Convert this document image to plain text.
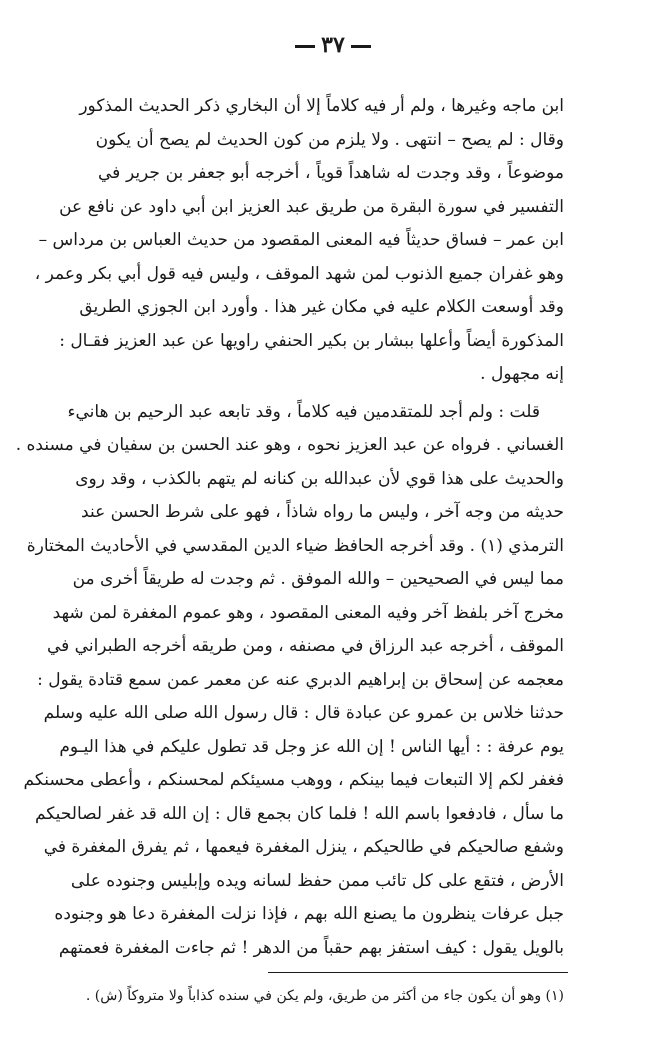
٣٧
ابن ماجه وغيرها ، ولم أر فيه كلاماً إلا أن البخاري ذكر الحديث المذكور
وقال : لم يصح – انتهى . ولا يلزم من كون الحديث لم يصح أن يكون
موضوعاً ، وقد وجدت له شاهداً قوياً ، أخرجه أبو جعفر بن جرير في
التفسير في سورة البقرة من طريق عبد العزيز ابن أبي داود عن نافع عن
ابن عمر – فساق حديثاً فيه المعنى المقصود من حديث العباس بن مرداس –
وهو غفران جميع الذنوب لمن شهد الموقف ، وليس فيه قول أبي بكر وعمر ،
وقد أوسعت الكلام عليه في مكان غير هذا . وأورد ابن الجوزي الطريق
المذكورة أيضاً وأعلها ببشار بن بكير الحنفي راويها عن عبد العزيز فقـال :
إنه مجهول .
قلت : ولم أجد للمتقدمين فيه كلاماً ، وقد تابعه عبد الرحيم بن هانيء
الغساني . فرواه عن عبد العزيز نحوه ، وهو عند الحسن بن سفيان في مسنده .
والحديث على هذا قوي لأن عبدالله بن كنانه لم يتهم بالكذب ، وقد روى
حديثه من وجه آخر ، وليس ما رواه شاذاً ، فهو على شرط الحسن عند
الترمذي (١) . وقد أخرجه الحافظ ضياء الدين المقدسي في الأحاديث المختارة
مما ليس في الصحيحين – والله الموفق . ثم وجدت له طريقاً أخرى من
مخرج آخر بلفظ آخر وفيه المعنى المقصود ، وهو عموم المغفرة لمن شهد
الموقف ، أخرجه عبد الرزاق في مصنفه ، ومن طريقه أخرجه الطبراني في
معجمه عن إسحاق بن إبراهيم الدبري عنه عن معمر عمن سمع قتادة يقول :
حدثنا خلاس بن عمرو عن عبادة قال : قال رسول الله صلى الله عليه وسلم
يوم عرفة : : أيها الناس ! إن الله عز وجل قد تطول عليكم في هذا اليـوم
فغفر لكم إلا التبعات فيما بينكم ، ووهب مسيئكم لمحسنكم ، وأعطى محسنكم
ما سأل ، فادفعوا باسم الله ! فلما كان بجمع قال : إن الله قد غفر لصالحيكم
وشفع صالحيكم في طالحيكم ، ينزل المغفرة فيعمها ، ثم يفرق المغفرة في
الأرض ، فتقع على كل تائب ممن حفظ لسانه ويده وإبليس وجنوده على
جبل عرفات ينظرون ما يصنع الله بهم ، فإذا نزلت المغفرة دعا هو وجنوده
بالويل يقول : كيف استفز بهم حقباً من الدهر ! ثم جاءت المغفرة فعمتهم
(١) وهو أن يكون جاء من أكثر من طريق، ولم يكن في سنده كذاباً ولا متروكاً (ش) .
